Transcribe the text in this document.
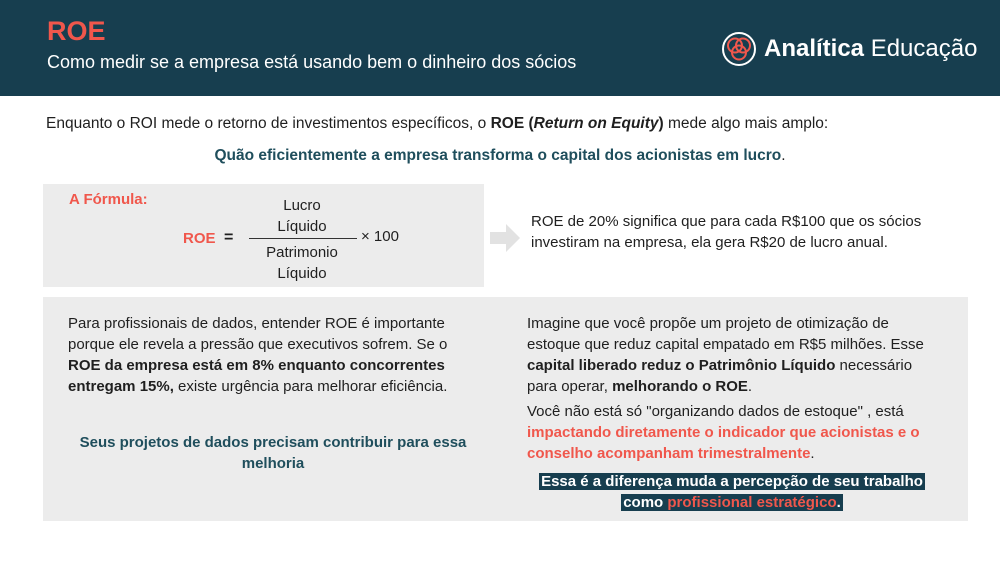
ROE
Como medir se a empresa está usando bem o dinheiro dos sócios	Analítica Educação
Enquanto o ROI mede o retorno de investimentos específicos, o ROE (Return on Equity) mede algo mais amplo:
Quão eficientemente a empresa transforma o capital dos acionistas em lucro.
A Fórmula:
ROE =
Lucro
Líquido
Patrimonio
Líquido
× 100
ROE de 20% significa que para cada R$100 que os sócios investiram na empresa, ela gera R$20 de lucro anual.
Para profissionais de dados, entender ROE é importante porque ele revela a pressão que executivos sofrem. Se o ROE da empresa está em 8% enquanto concorrentes entregam 15%, existe urgência para melhorar eficiência.
Seus projetos de dados precisam contribuir para essa melhoria
Imagine que você propõe um projeto de otimização de estoque que reduz capital empatado em R$5 milhões. Esse capital liberado reduz o Patrimônio Líquido necessário para operar, melhorando o ROE.
Você não está só "organizando dados de estoque" , está impactando diretamente o indicador que acionistas e o conselho acompanham trimestralmente.
Essa é a diferença muda a percepção de seu trabalho como profissional estratégico.
